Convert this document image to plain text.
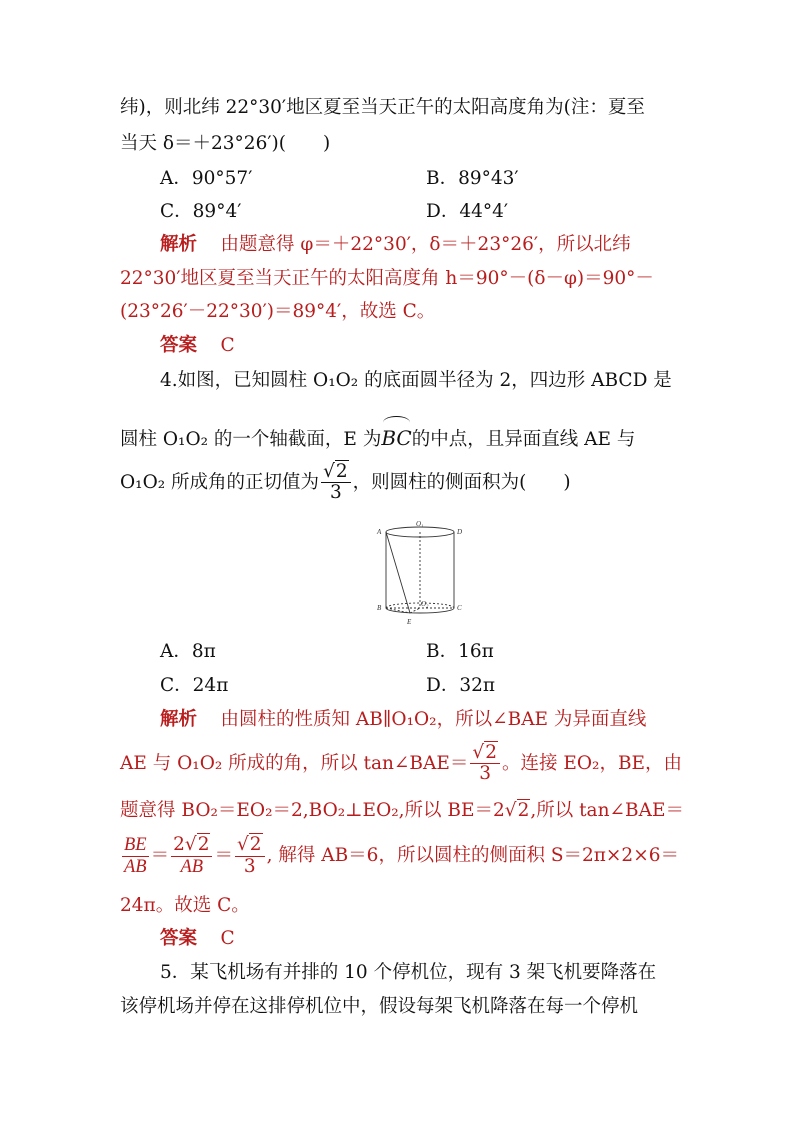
纬)，则北纬 22°30′地区夏至当天正午的太阳高度角为(注：夏至
当天 δ＝＋23°26′)(　　)
A．90°57′	B．89°43′
C．89°4′	D．44°4′
解析 由题意得 φ＝＋22°30′，δ＝＋23°26′，所以北纬
22°30′地区夏至当天正午的太阳高度角 h＝90°－(δ－φ)＝90°－
(23°26′－22°30′)＝89°4′，故选 C。
答案 C
4.如图，已知圆柱 O₁O₂ 的底面圆半径为 2，四边形 ABCD 是
圆柱 O₁O₂ 的一个轴截面，E 为BC的中点，且异面直线 AE 与
O₁O₂ 所成角的正切值为 $\frac{√2}{3}$ ，则圆柱的侧面积为(　　)
A
O₁
D
B	O₂	C
E
A．8π	B．16π
C．24π	D．32π
解析 由圆柱的性质知 AB∥O₁O₂，所以∠BAE 为异面直线
AE 与 O₁O₂ 所成的角，所以 tan∠BAE＝ $\frac{√2}{3}$ 。连接 EO₂，BE，由
题意得 BO₂＝EO₂＝2,BO₂⊥EO₂,所以 BE＝2√2,所以 tan∠BAE＝
$\frac{BE}{AB} = \frac{2√2}{AB} = \frac{√2}{3}$ , 解得 AB＝6，所以圆柱的侧面积 S＝2π×2×6＝
24π。故选 C。
答案 C
5．某飞机场有并排的 10 个停机位，现有 3 架飞机要降落在
该停机场并停在这排停机位中，假设每架飞机降落在每一个停机
